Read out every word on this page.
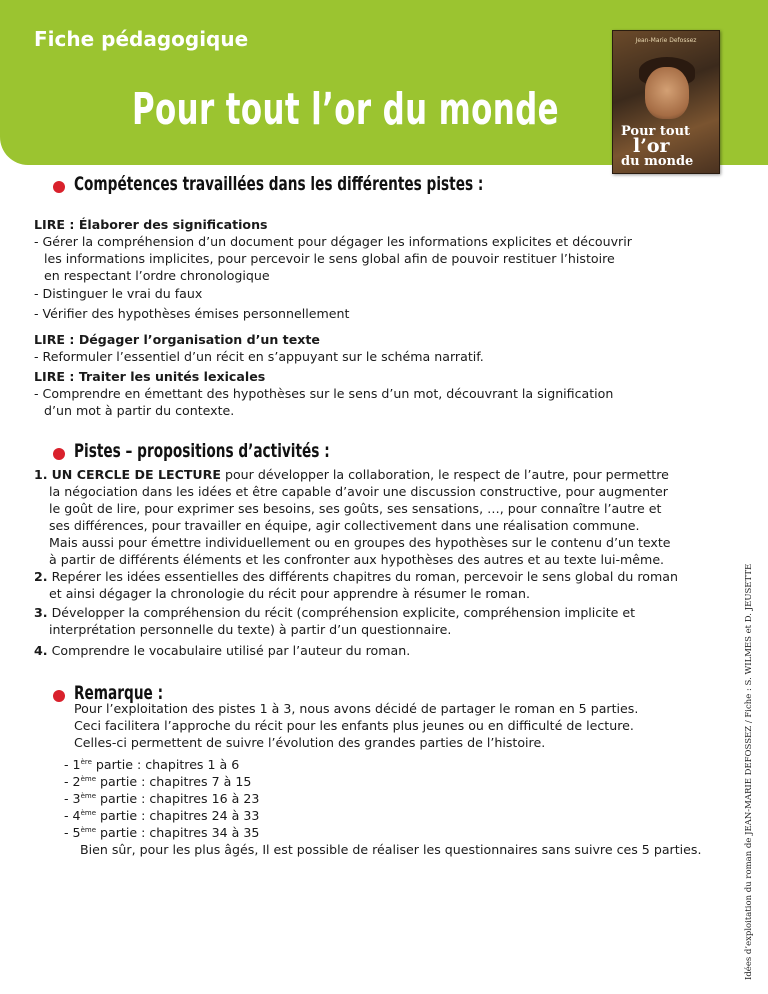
Fiche pédagogique
Pour tout l’or du monde
Jean-Marie Defossez
Pour tout
l’or
du monde
Compétences travaillées dans les différentes pistes :
LIRE : Élaborer des significations
- Gérer la compréhension d’un document pour dégager les informations explicites et découvrir

les informations implicites, pour percevoir le sens global afin de pouvoir restituer l’histoire
en respectant l’ordre chronologique
- Distinguer le vrai du faux
- Vérifier des hypothèses émises personnellement
LIRE : Dégager l’organisation d’un texte
- Reformuler l’essentiel d’un récit en s’appuyant sur le schéma narratif.
LIRE : Traiter les unités lexicales
- Comprendre en émettant des hypothèses sur le sens d’un mot, découvrant la signification

d’un mot à partir du contexte.
Pistes – propositions d’activités :
1. UN CERCLE DE LECTURE pour développer la collaboration, le respect de l’autre, pour permettre
la négociation dans les idées et être capable d’avoir une discussion constructive, pour augmenter
le goût de lire, pour exprimer ses besoins, ses goûts, ses sensations, …, pour connaître l’autre et
ses différences, pour travailler en équipe, agir collectivement dans une réalisation commune.
Mais aussi pour émettre individuellement ou en groupes des hypothèses sur le contenu d’un texte
à partir de différents éléments et les confronter aux hypothèses des autres et au texte lui-même.
2. Repérer les idées essentielles des différents chapitres du roman, percevoir le sens global du roman
et ainsi dégager la chronologie du récit pour apprendre à résumer le roman.
3. Développer la compréhension du récit (compréhension explicite, compréhension implicite et
interprétation personnelle du texte) à partir d’un questionnaire.
4. Comprendre le vocabulaire utilisé par l’auteur du roman.
Remarque :
Pour l’exploitation des pistes 1 à 3, nous avons décidé de partager le roman en 5 parties.
Ceci facilitera l’approche du récit pour les enfants plus jeunes ou en difficulté de lecture.
Celles-ci permettent de suivre l’évolution des grandes parties de l’histoire.
- 1ère partie : chapitres 1 à 6
- 2ème partie : chapitres 7 à 15
- 3ème partie : chapitres 16 à 23
- 4ème partie : chapitres 24 à 33
- 5ème partie : chapitres 34 à 35
Bien sûr, pour les plus âgés, Il est possible de réaliser les questionnaires sans suivre ces 5 parties.	Idées d’exploitation du roman de JEAN-MARIE DEFOSSEZ / Fiche : S. WILMES et D. JEUSETTE
